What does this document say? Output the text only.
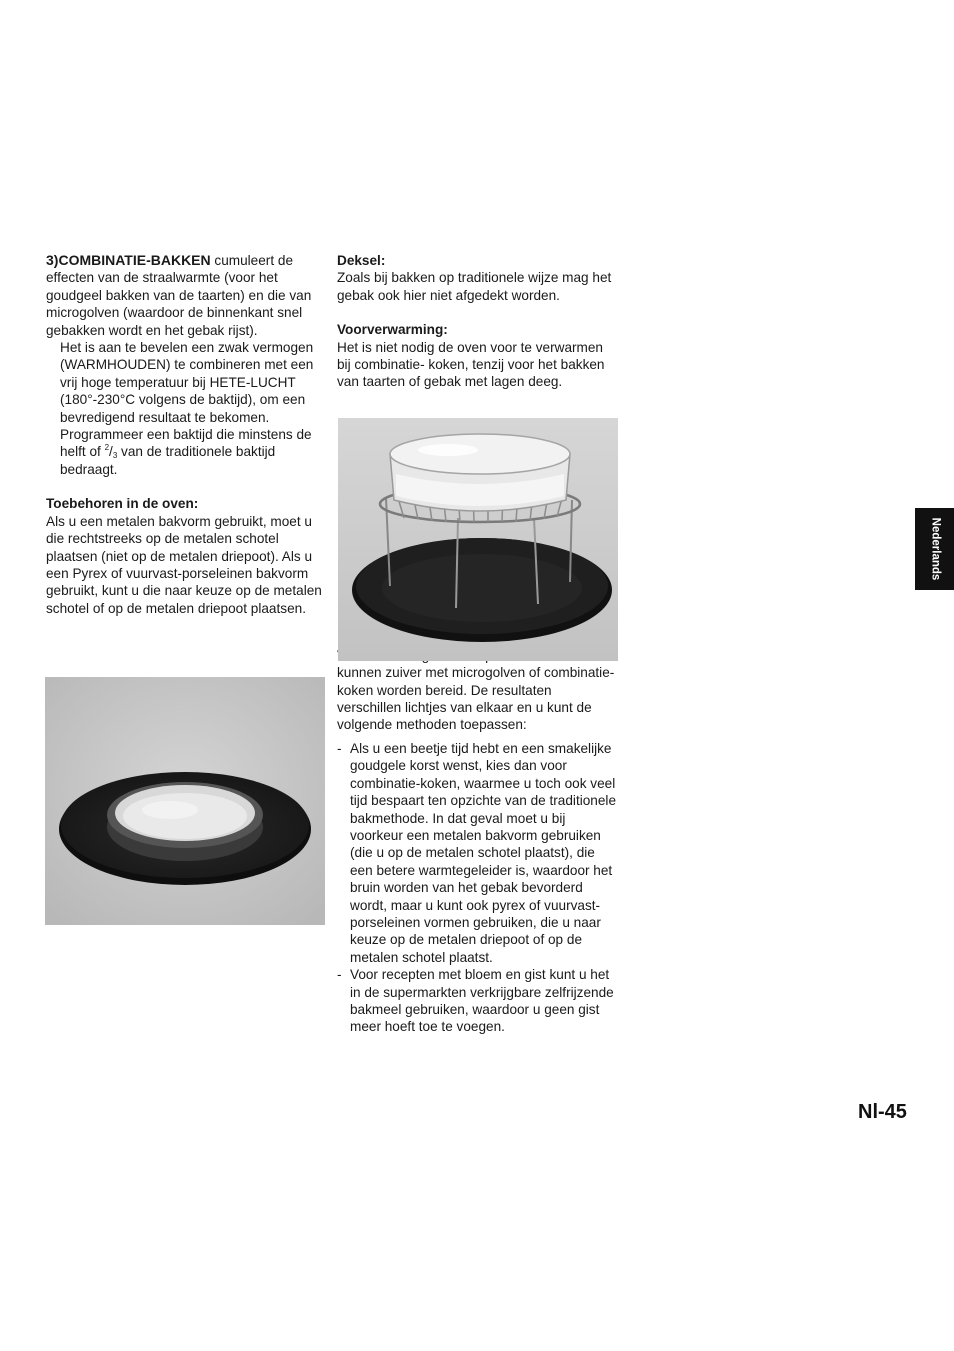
3)COMBINATIE-BAKKEN cumuleert de effecten van de straalwarmte (voor het goudgeel bakken van de taarten) en die van microgolven (waardoor de binnenkant snel gebakken wordt en het gebak rijst).

Het is aan te bevelen een zwak vermogen (WARMHOUDEN) te combineren met een vrij hoge temperatuur bij HETE-LUCHT (180°-230°C volgens de baktijd), om een bevredigend resultaat te bekomen. Programmeer een baktijd die minstens de helft of $^2/_3$ van de traditionele baktijd bedraagt.

Toebehoren in de oven:

Als u een metalen bakvorm gebruikt, moet u die rechtstreeks op de metalen schotel plaatsen (niet op de metalen driepoot). Als u een Pyrex of vuurvast-porseleinen bakvorm gebruikt, kunt u die naar keuze op de metalen schotel of op de metalen driepoot plaatsen.

Deksel:

Zoals bij bakken op traditionele wijze mag het gebak ook hier niet afgedekt worden.

Voorverwarming:

Het is niet nodig de oven voor te verwarmen bij combinatie- koken, tenzij voor het bakken van taarten of gebak met lagen deeg.

kunnen zuiver met microgolven of combinatie-koken worden bereid. De resultaten verschillen lichtjes van elkaar en u kunt de volgende methoden toepassen:

- Als u een beetje tijd hebt en een smakelijke goudgele korst wenst, kies dan voor combinatie-koken, waarmee u toch ook veel tijd bespaart ten opzichte van de traditionele bakmethode. In dat geval moet u bij voorkeur een metalen bakvorm gebruiken (die u op de metalen schotel plaatst), die een betere warmtegeleider is, waardoor het bruin worden van het gebak bevorderd wordt, maar u kunt ook pyrex of vuurvast-porseleinen vormen gebruiken, die u naar keuze op de metalen driepoot of op de metalen schotel plaatst.
- Voor recepten met bloem en gist kunt u het in de supermarkten verkrijgbare zelfrijzende bakmeel gebruiken, waardoor u geen gist meer hoeft toe te voegen.
Nederlands
Nl-45
